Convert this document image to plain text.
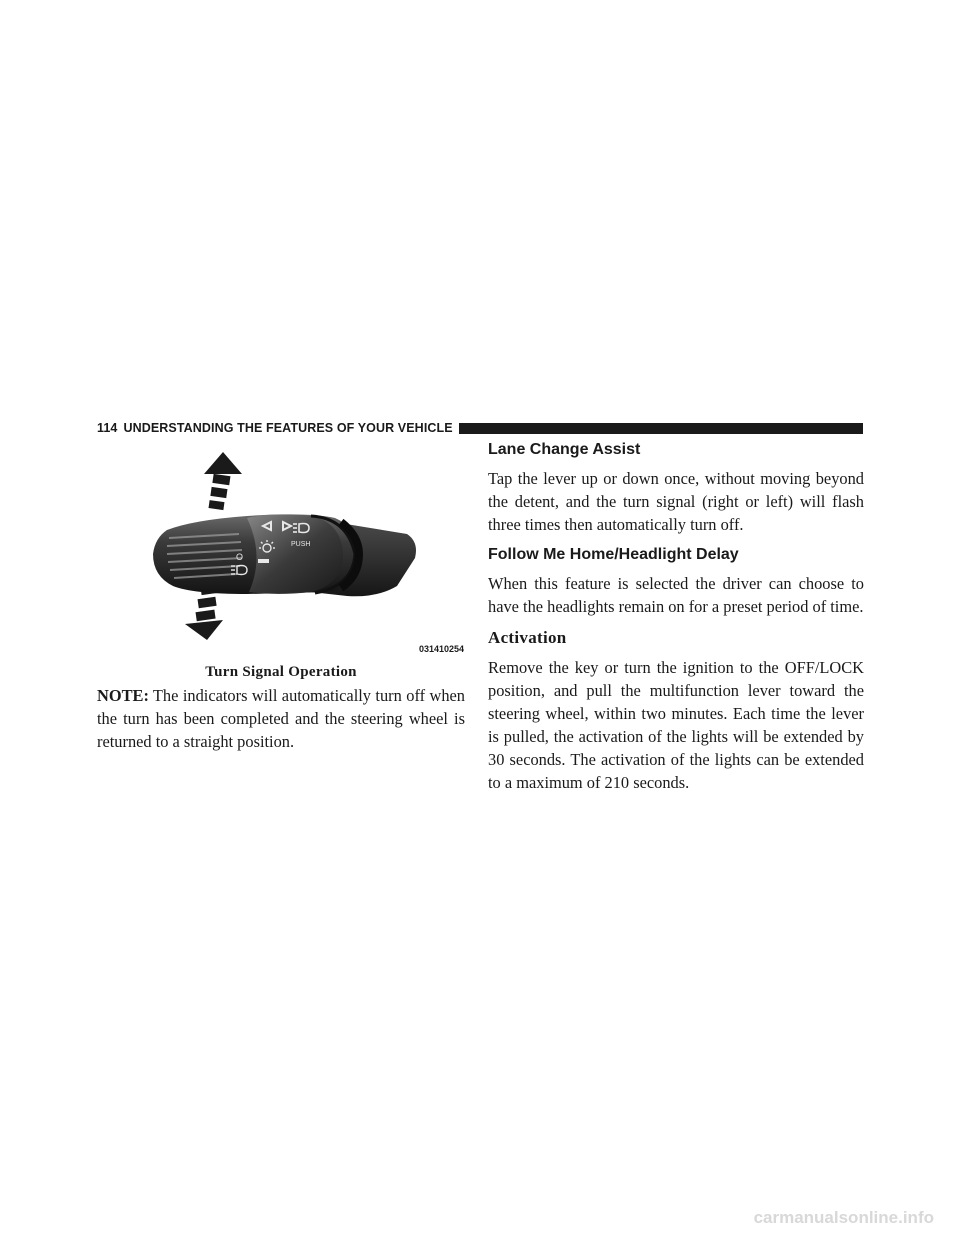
114 UNDERSTANDING THE FEATURES OF YOUR VEHICLE
PUSH
O
031410254
Turn Signal Operation
NOTE: The indicators will automatically turn off when the turn has been completed and the steering wheel is returned to a straight position.
Lane Change Assist

Tap the lever up or down once, without moving beyond the detent, and the turn signal (right or left) will flash three times then automatically turn off.

Follow Me Home/Headlight Delay

When this feature is selected the driver can choose to have the headlights remain on for a preset period of time.

Activation

Remove the key or turn the ignition to the OFF/LOCK position, and pull the multifunction lever toward the steering wheel, within two minutes. Each time the lever is pulled, the activation of the lights will be extended by 30 seconds. The activation of the lights can be extended to a maximum of 210 seconds.

carmanualsonline.info
